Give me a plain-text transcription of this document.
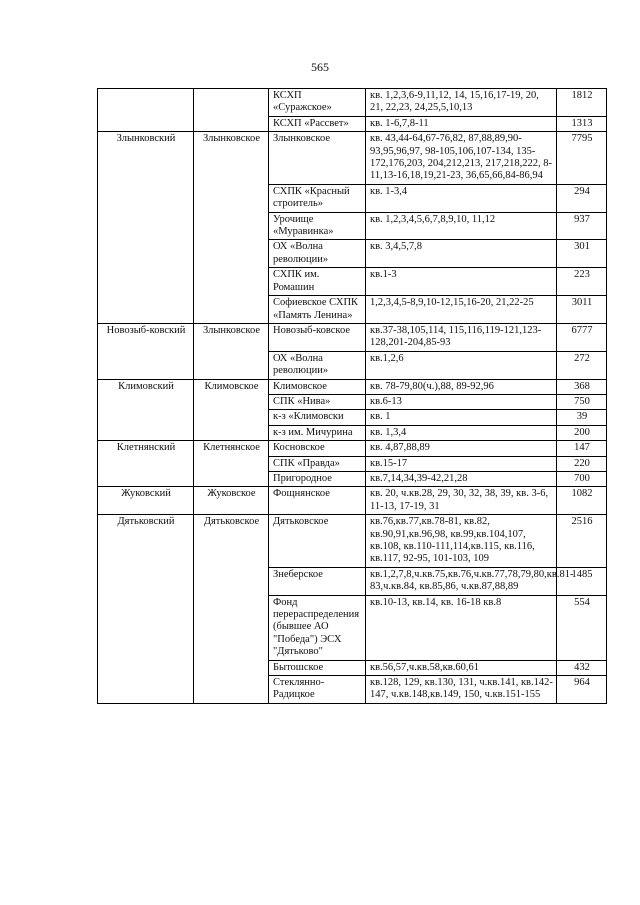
565
		КСХП «Суражское»	кв. 1,2,3,6-9,11,12, 14, 15,16,17-19, 20, 21, 22,23, 24,25,5,10,13	1812
		КСХП «Рассвет»	кв. 1-6,7,8-11	1313
Злынковский	Злынковское	Злынковское	кв. 43,44-64,67-76,82, 87,88,89,90-93,95,96,97, 98-105,106,107-134, 135-172,176,203, 204,212,213, 217,218,222, 8-11,13-16,18,19,21-23, 36,65,66,84-86,94	7795
		СХПК «Красный строитель»	кв. 1-3,4	294
		Урочище «Муравинка»	кв. 1,2,3,4,5,6,7,8,9,10, 11,12	937
		ОХ «Волна революции»	кв. 3,4,5,7,8	301
		СХПК им. Ромашин	кв.1-3	223
		Софиевское СХПК «Память Ленина»	1,2,3,4,5-8,9,10-12,15,16-20, 21,22-25	3011
Новозыб-ковский	Злынковское	Новозыб-ковское	кв.37-38,105,114, 115,116,119-121,123-128,201-204,85-93	6777
		ОХ «Волна революции»	кв.1,2,6	272
Климовский	Климовское	Климовское	кв. 78-79,80(ч.),88, 89-92,96	368
		СПК «Нива»	кв.6-13	750
		к-з «Климовски	кв. 1	39
		к-з им. Мичурина	кв. 1,3,4	200
Клетнянский	Клетнянское	Косновское	кв. 4,87,88,89	147
		СПК «Правда»	кв.15-17	220
		Пригородное	кв.7,14,34,39-42,21,28	700
Жуковский	Жуковское	Фощнянское	кв. 20, ч.кв.28, 29, 30, 32, 38, 39, кв. 3-6, 11-13, 17-19, 31	1082
Дятьковский	Дятьковское	Дятьковское	кв.76,кв.77,кв.78-81, кв.82, кв.90,91,кв.96,98, кв.99,кв.104,107, кв.108, кв.110-111,114,кв.115, кв.116, кв.117, 92-95, 101-103, 109	2516
		Знеберское	кв.1,2,7,8,ч.кв.75,кв.76,ч.кв.77,78,79,80,кв.81-83,ч.кв.84, кв.85,86, ч.кв.87,88,89	1485
		Фонд перераспределения (бывшее АО "Победа") ЭСХ "Дятьково"	кв.10-13, кв.14, кв. 16-18 кв.8	554
		Бытошское	кв.56,57,ч.кв.58,кв.60,61	432
		Стеклянно-Радицкое	кв.128, 129, кв.130, 131, ч.кв.141, кв.142-147, ч.кв.148,кв.149, 150, ч.кв.151-155	964
